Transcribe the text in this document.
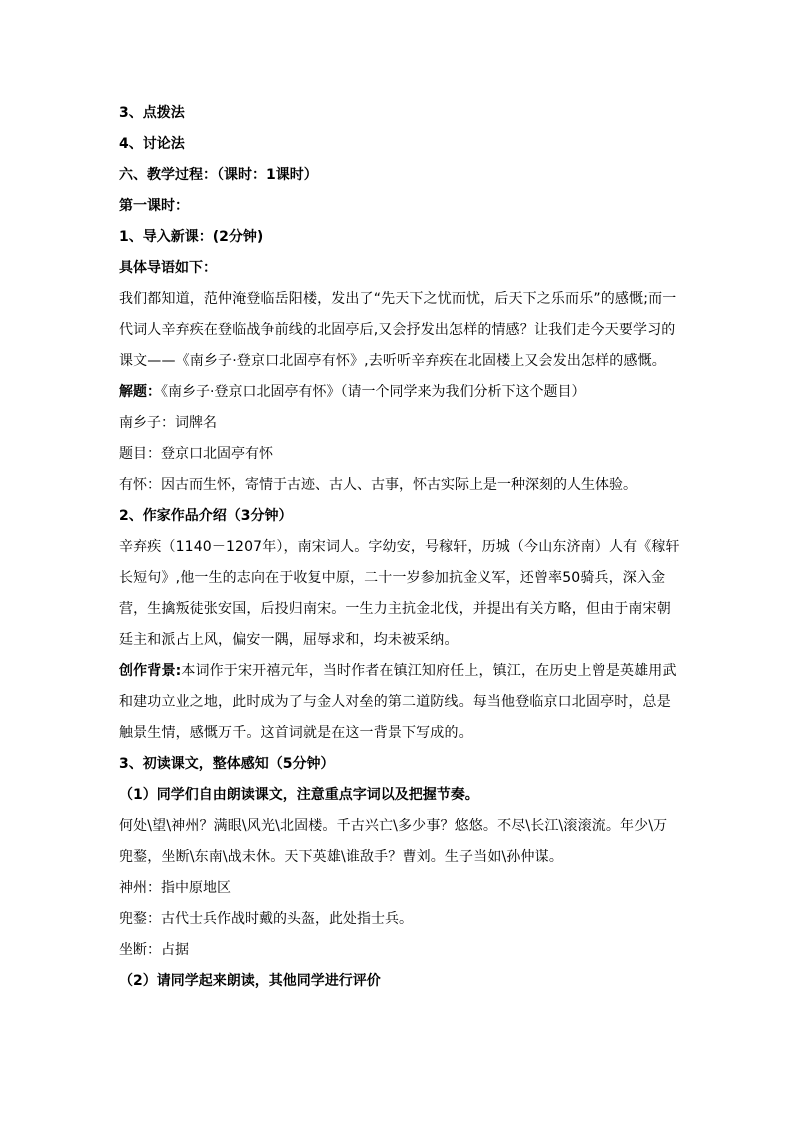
3、点拨法

4、讨论法

六、教学过程：（课时：1课时）

第一课时：

1、导入新课：(2分钟)

具体导语如下：

我们都知道，范仲淹登临岳阳楼，发出了“先天下之忧而忧，后天下之乐而乐”的感慨;而一代词人辛弃疾在登临战争前线的北固亭后,又会抒发出怎样的情感？让我们走今天要学习的课文——《南乡子·登京口北固亭有怀》,去听听辛弃疾在北固楼上又会发出怎样的感慨。

解题：《南乡子·登京口北固亭有怀》（请一个同学来为我们分析下这个题目）

南乡子：词牌名

题目：登京口北固亭有怀

有怀：因古而生怀，寄情于古迹、古人、古事，怀古实际上是一种深刻的人生体验。

2、作家作品介绍（3分钟）

辛弃疾（1140－1207年），南宋词人。字幼安，号稼轩，历城（今山东济南）人有《稼轩长短句》,他一生的志向在于收复中原，二十一岁参加抗金义军，还曾率50骑兵，深入金营，生擒叛徒张安国，后投归南宋。一生力主抗金北伐，并提出有关方略，但由于南宋朝廷主和派占上风，偏安一隅，屈辱求和，均未被采纳。

创作背景:本词作于宋开禧元年，当时作者在镇江知府任上，镇江，在历史上曾是英雄用武和建功立业之地，此时成为了与金人对垒的第二道防线。每当他登临京口北固亭时，总是触景生情，感慨万千。这首词就是在这一背景下写成的。

3、初读课文，整体感知（5分钟）

（1）同学们自由朗读课文，注意重点字词以及把握节奏。

何处\望\神州？满眼\风光\北固楼。千古兴亡\多少事？悠悠。不尽\长江\滚滚流。年少\万兜鍪，坐断\东南\战未休。天下英雄\谁敌手？曹刘。生子当如\孙仲谋。

神州：指中原地区

兜鍪：古代士兵作战时戴的头盔，此处指士兵。

坐断：占据

（2）请同学起来朗读，其他同学进行评价
